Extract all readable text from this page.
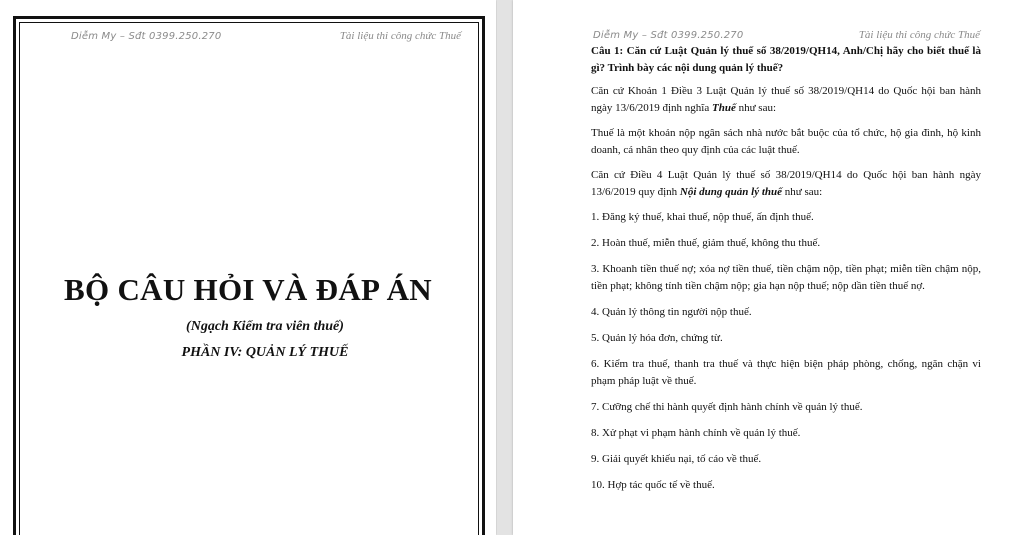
Diễm My – Sđt 0399.250.270	Tài liệu thi công chức Thuế
BỘ CÂU HỎI VÀ ĐÁP ÁN
(Ngạch Kiểm tra viên thuế)
PHẦN IV: QUẢN LÝ THUẾ
Diễm My – Sđt 0399.250.270	Tài liệu thi công chức Thuế
Câu 1: Căn cứ Luật Quản lý thuế số 38/2019/QH14, Anh/Chị hãy cho biết thuế là gì? Trình bày các nội dung quản lý thuế?

Căn cứ Khoản 1 Điều 3 Luật Quản lý thuế số 38/2019/QH14 do Quốc hội ban hành ngày 13/6/2019 định nghĩa Thuế như sau:

Thuế là một khoản nộp ngân sách nhà nước bắt buộc của tổ chức, hộ gia đình, hộ kinh doanh, cá nhân theo quy định của các luật thuế.

Căn cứ Điều 4 Luật Quản lý thuế số 38/2019/QH14 do Quốc hội ban hành ngày 13/6/2019 quy định Nội dung quản lý thuế như sau:

1. Đăng ký thuế, khai thuế, nộp thuế, ấn định thuế.

2. Hoàn thuế, miễn thuế, giảm thuế, không thu thuế.

3. Khoanh tiền thuế nợ; xóa nợ tiền thuế, tiền chậm nộp, tiền phạt; miễn tiền chậm nộp, tiền phạt; không tính tiền chậm nộp; gia hạn nộp thuế; nộp dần tiền thuế nợ.

4. Quản lý thông tin người nộp thuế.

5. Quản lý hóa đơn, chứng từ.

6. Kiểm tra thuế, thanh tra thuế và thực hiện biện pháp phòng, chống, ngăn chặn vi phạm pháp luật về thuế.

7. Cưỡng chế thi hành quyết định hành chính về quản lý thuế.

8. Xử phạt vi phạm hành chính về quản lý thuế.

9. Giải quyết khiếu nại, tố cáo về thuế.

10. Hợp tác quốc tế về thuế.
